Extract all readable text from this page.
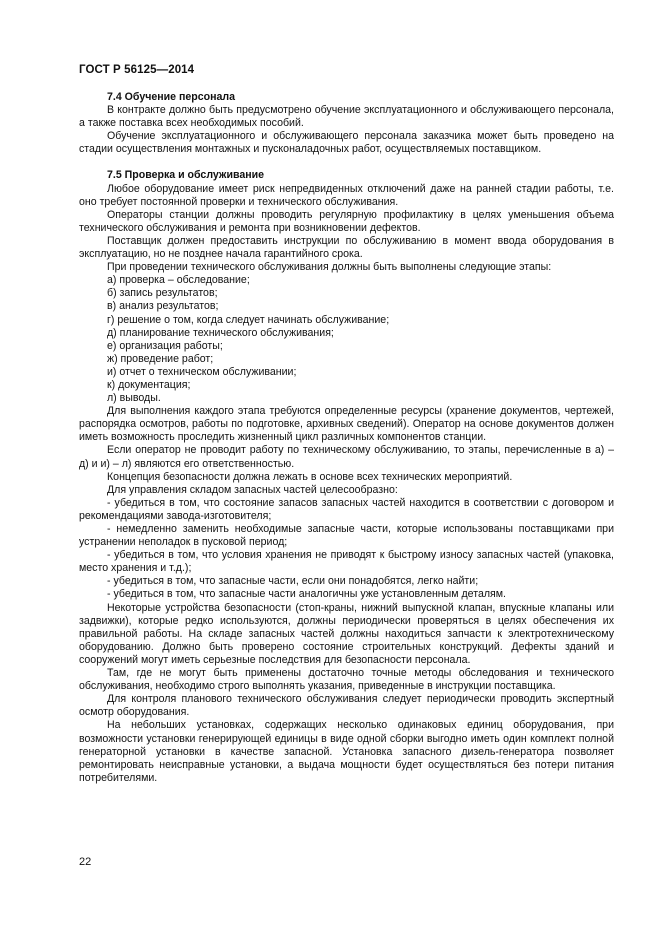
ГОСТ Р 56125—2014
7.4 Обучение персонала

В контракте должно быть предусмотрено обучение эксплуатационного и обслуживающего персонала, а также поставка всех необходимых пособий.

Обучение эксплуатационного и обслуживающего персонала заказчика может быть проведено на стадии осуществления монтажных и пусконаладочных работ, осуществляемых поставщиком.

7.5 Проверка и обслуживание

Любое оборудование имеет риск непредвиденных отключений даже на ранней стадии работы, т.е. оно требует постоянной проверки и технического обслуживания.

Операторы станции должны проводить регулярную профилактику в целях уменьшения объема технического обслуживания и ремонта при возникновении дефектов.

Поставщик должен предоставить инструкции по обслуживанию в момент ввода оборудования в эксплуатацию, но не позднее начала гарантийного срока.

При проведении технического обслуживания должны быть выполнены следующие этапы:

а) проверка – обследование;

б) запись результатов;

в) анализ результатов;

г) решение о том, когда следует начинать обслуживание;

д) планирование технического обслуживания;

е) организация работы;

ж) проведение работ;

и) отчет о техническом обслуживании;

к) документация;

л) выводы.

Для выполнения каждого этапа требуются определенные ресурсы (хранение документов, чертежей, распорядка осмотров, работы по подготовке, архивных сведений). Оператор на основе документов должен иметь возможность проследить жизненный цикл различных компонентов станции.

Если оператор не проводит работу по техническому обслуживанию, то этапы, перечисленные в а) – д) и и) – л) являются его ответственностью.

Концепция безопасности должна лежать в основе всех технических мероприятий.

Для управления складом запасных частей целесообразно:

- убедиться в том, что состояние запасов запасных частей находится в соответствии с договором и рекомендациями завода-изготовителя;

- немедленно заменить необходимые запасные части, которые использованы поставщиками при устранении неполадок в пусковой период;

- убедиться в том, что условия хранения не приводят к быстрому износу запасных частей (упаковка, место хранения и т.д.);

- убедиться в том, что запасные части, если они понадобятся, легко найти;

- убедиться в том, что запасные части аналогичны уже установленным деталям.

Некоторые устройства безопасности (стоп-краны, нижний выпускной клапан, впускные клапаны или задвижки), которые редко используются, должны периодически проверяться в целях обеспечения их правильной работы. На складе запасных частей должны находиться запчасти к электротехническому оборудованию. Должно быть проверено состояние строительных конструкций. Дефекты зданий и сооружений могут иметь серьезные последствия для безопасности персонала.

Там, где не могут быть применены достаточно точные методы обследования и технического обслуживания, необходимо строго выполнять указания, приведенные в инструкции поставщика.

Для контроля планового технического обслуживания следует периодически проводить экспертный осмотр оборудования.

На небольших установках, содержащих несколько одинаковых единиц оборудования, при возможности установки генерирующей единицы в виде одной сборки выгодно иметь один комплект полной генераторной установки в качестве запасной. Установка запасного дизель-генератора позволяет ремонтировать неисправные установки, а выдача мощности будет осуществляться без потери питания потребителями.

22
